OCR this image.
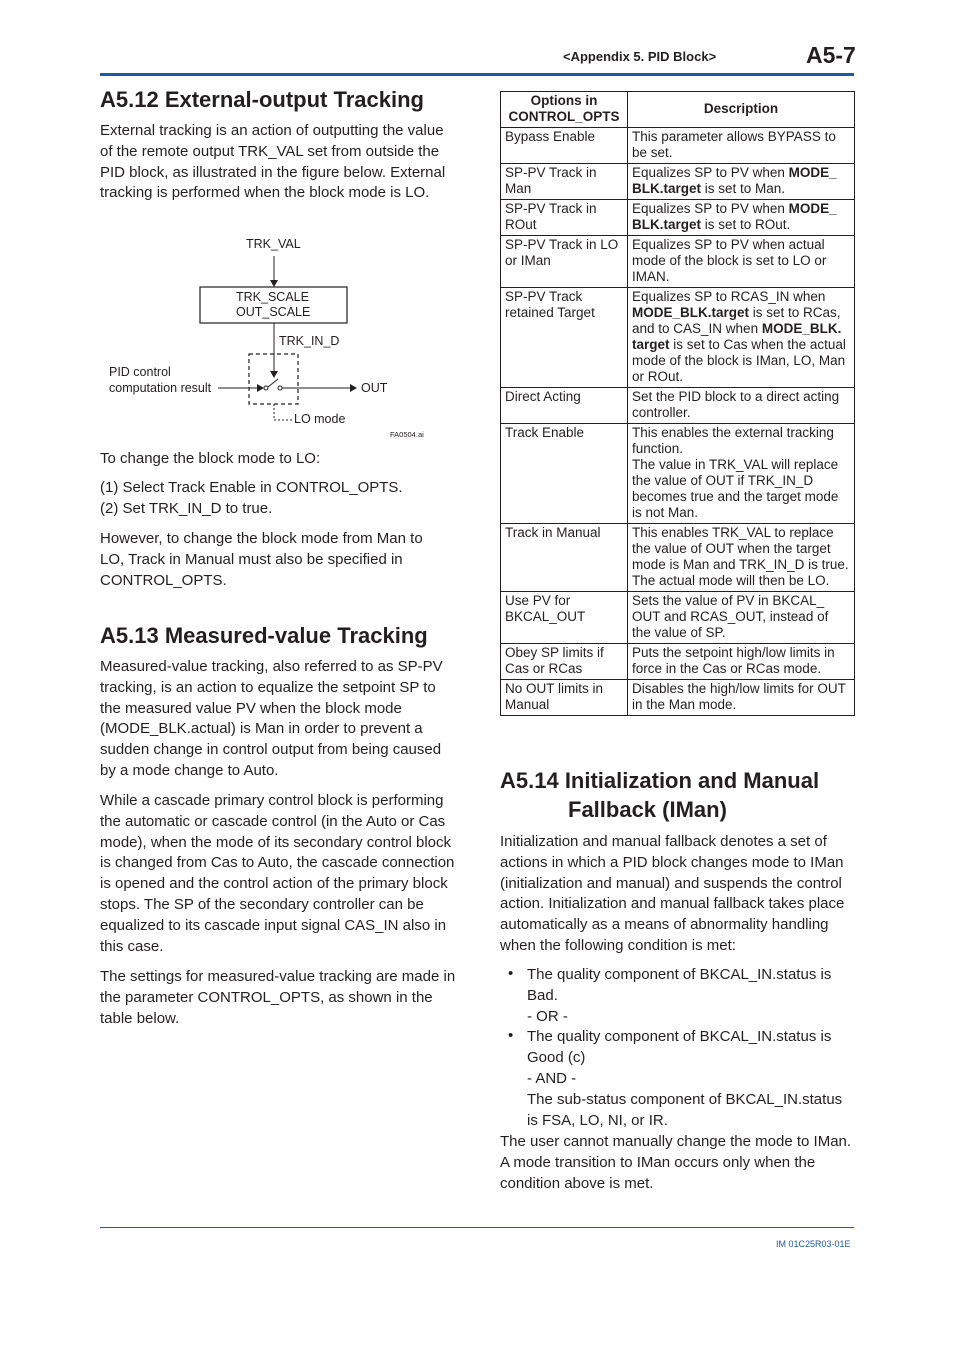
<Appendix 5. PID Block>	A5-7
A5.12 External-output Tracking

External tracking is an action of outputting the value of the remote output TRK_VAL set from outside the PID block, as illustrated in the figure below. External tracking is performed when the block mode is LO.

TRK_VAL
TRK_SCALE
OUT_SCALE
TRK_IN_D
PID control
computation result	OUT
LO mode
FA0504.ai

To change the block mode to LO:

(1) Select Track Enable in CONTROL_OPTS.

(2) Set TRK_IN_D to true.

However, to change the block mode from Man to LO, Track in Manual must also be specified in CONTROL_OPTS.

A5.13 Measured-value Tracking

Measured-value tracking, also referred to as SP-PV tracking, is an action to equalize the setpoint SP to the measured value PV when the block mode (MODE_BLK.actual) is Man in order to prevent a sudden change in control output from being caused by a mode change to Auto.

While a cascade primary control block is performing the automatic or cascade control (in the Auto or Cas mode), when the mode of its secondary control block is changed from Cas to Auto, the cascade connection is opened and the control action of the primary block stops. The SP of the secondary controller can be equalized to its cascade input signal CAS_IN also in this case.

The settings for measured-value tracking are made in the parameter CONTROL_OPTS, as shown in the table below.

Options in
CONTROL_OPTS	Description
Bypass Enable	This parameter allows BYPASS to be set.
SP-PV Track in Man	Equalizes SP to PV when MODE_ BLK.target is set to Man.
SP-PV Track in ROut	Equalizes SP to PV when MODE_ BLK.target is set to ROut.
SP-PV Track in LO or IMan	Equalizes SP to PV when actual mode of the block is set to LO or IMAN.
SP-PV Track retained Target	Equalizes SP to RCAS_IN when MODE_BLK.target is set to RCas, and to CAS_IN when MODE_BLK. target is set to Cas when the actual mode of the block is IMan, LO, Man or ROut.
Direct Acting	Set the PID block to a direct acting controller.
Track Enable	This enables the external tracking function.
The value in TRK_VAL will replace the value of OUT if TRK_IN_D becomes true and the target mode is not Man.
Track in Manual	This enables TRK_VAL to replace the value of OUT when the target mode is Man and TRK_IN_D is true. The actual mode will then be LO.
Use PV for BKCAL_OUT	Sets the value of PV in BKCAL_ OUT and RCAS_OUT, instead of the value of SP.
Obey SP limits if Cas or RCas	Puts the setpoint high/low limits in force in the Cas or RCas mode.
No OUT limits in Manual	Disables the high/low limits for OUT in the Man mode.
A5.14 Initialization and Manual
Fallback (IMan)

Initialization and manual fallback denotes a set of actions in which a PID block changes mode to IMan (initialization and manual) and suspends the control action. Initialization and manual fallback takes place automatically as a means of abnormality handling when the following condition is met:

• The quality component of BKCAL_IN.status is Bad.
- OR -
• The quality component of BKCAL_IN.status is Good (c)
- AND -
The sub-status component of BKCAL_IN.status is FSA, LO, NI, or IR.

The user cannot manually change the mode to IMan. A mode transition to IMan occurs only when the condition above is met.

IM 01C25R03-01E
